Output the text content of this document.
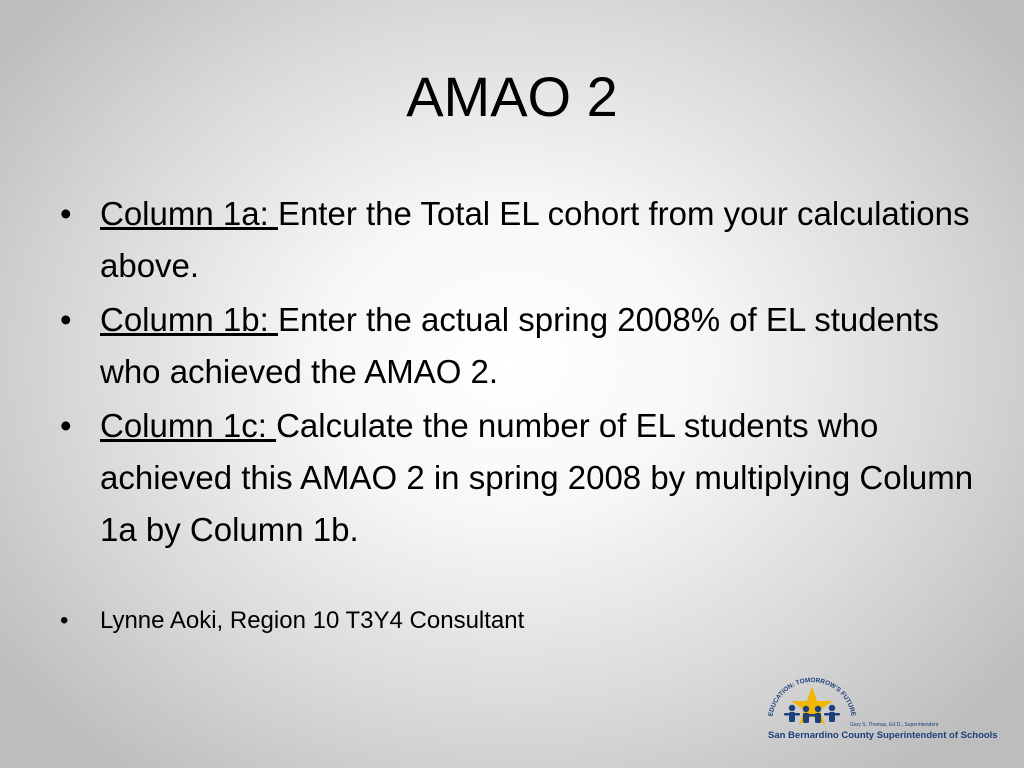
AMAO 2
• Column 1a: Enter the Total EL cohort from your calculations above.
• Column 1b: Enter the actual spring 2008% of EL students who achieved the AMAO 2.
• Column 1c: Calculate the number of EL students who achieved this AMAO 2 in spring 2008 by multiplying Column 1a by Column 1b.
• Lynne Aoki, Region 10 T3Y4 Consultant
EDUCATION: TOMORROW'S FUTURE
Gary S. Thomas, Ed.D., Superintendent
San Bernardino County Superintendent of Schools
